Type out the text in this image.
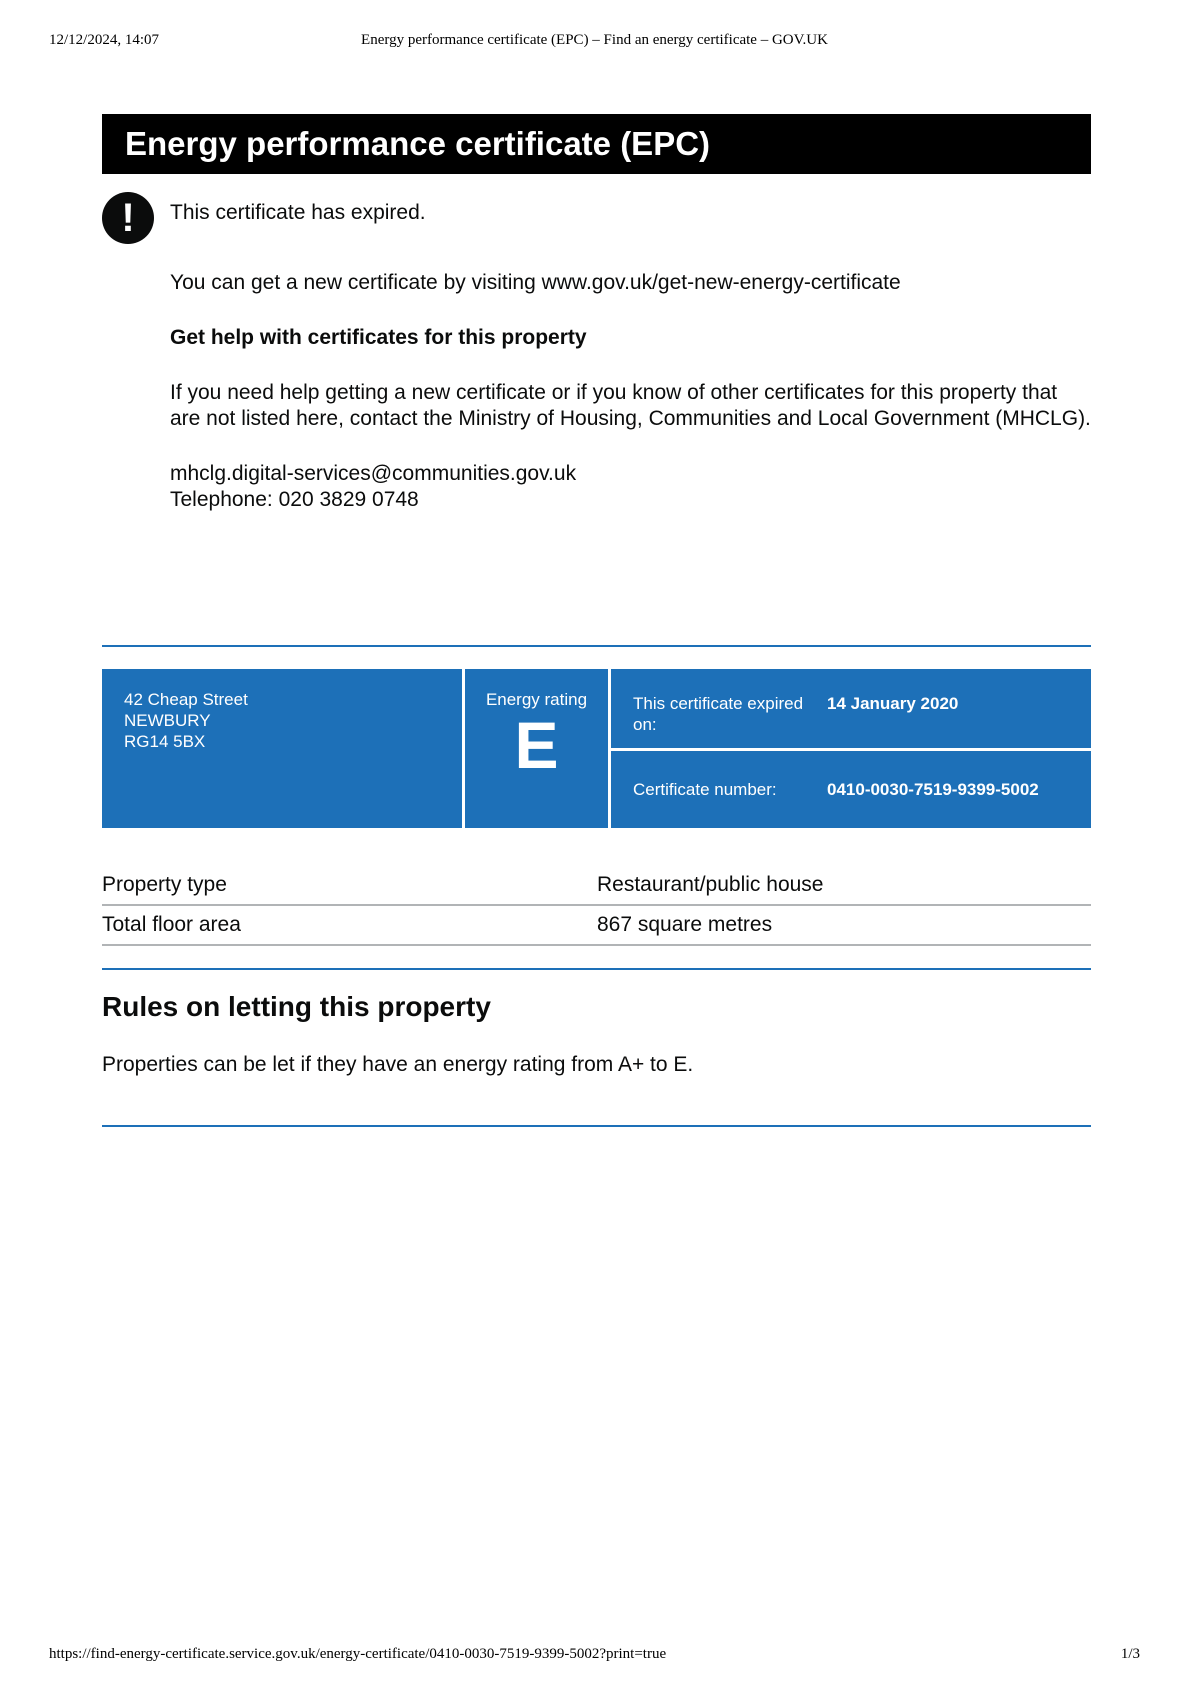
12/12/2024, 14:07	Energy performance certificate (EPC) – Find an energy certificate – GOV.UK
Energy performance certificate (EPC)
!	This certificate has expired.

You can get a new certificate by visiting www.gov.uk/get-new-energy-certificate

Get help with certificates for this property

If you need help getting a new certificate or if you know of other certificates for this property that are not listed here, contact the Ministry of Housing, Communities and Local Government (MHCLG).

mhclg.digital-services@communities.gov.uk
Telephone: 020 3829 0748

42 Cheap Street
NEWBURY
RG14 5BX
Energy rating
E
This certificate expired on:
14 January 2020
Certificate number:	0410-0030-7519-9399-5002
Property type	Restaurant/public house
Total floor area	867 square metres
Rules on letting this property

Properties can be let if they have an energy rating from A+ to E.

https://find-energy-certificate.service.gov.uk/energy-certificate/0410-0030-7519-9399-5002?print=true	1/3
